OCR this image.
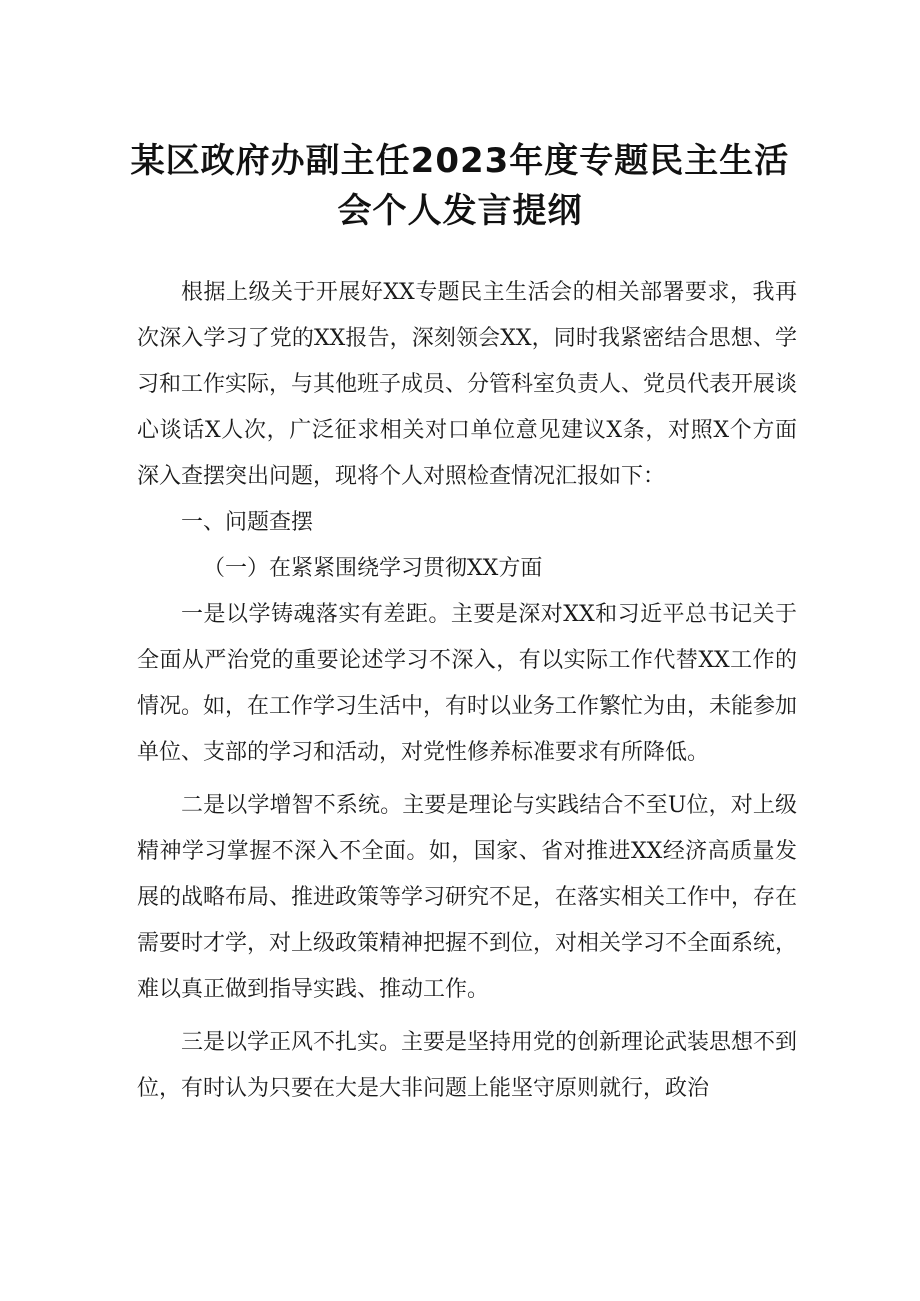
某区政府办副主任2023年度专题民主生活
会个人发言提纲

根据上级关于开展好XX专题民主生活会的相关部署要求，我再次深入学习了党的XX报告，深刻领会XX，同时我紧密结合思想、学习和工作实际，与其他班子成员、分管科室负责人、党员代表开展谈心谈话X人次，广泛征求相关对口单位意见建议X条，对照X个方面深入查摆突出问题，现将个人对照检查情况汇报如下：

一、问题查摆

（一）在紧紧围绕学习贯彻XX方面

一是以学铸魂落实有差距。主要是深对XX和习近平总书记关于全面从严治党的重要论述学习不深入，有以实际工作代替XX工作的情况。如，在工作学习生活中，有时以业务工作繁忙为由，未能参加单位、支部的学习和活动，对党性修养标准要求有所降低。

二是以学增智不系统。主要是理论与实践结合不至U位，对上级精神学习掌握不深入不全面。如，国家、省对推进XX经济高质量发展的战略布局、推进政策等学习研究不足，在落实相关工作中，存在需要时才学，对上级政策精神把握不到位，对相关学习不全面系统，难以真正做到指导实践、推动工作。

三是以学正风不扎实。主要是坚持用党的创新理论武装思想不到位，有时认为只要在大是大非问题上能坚守原则就行，政治
